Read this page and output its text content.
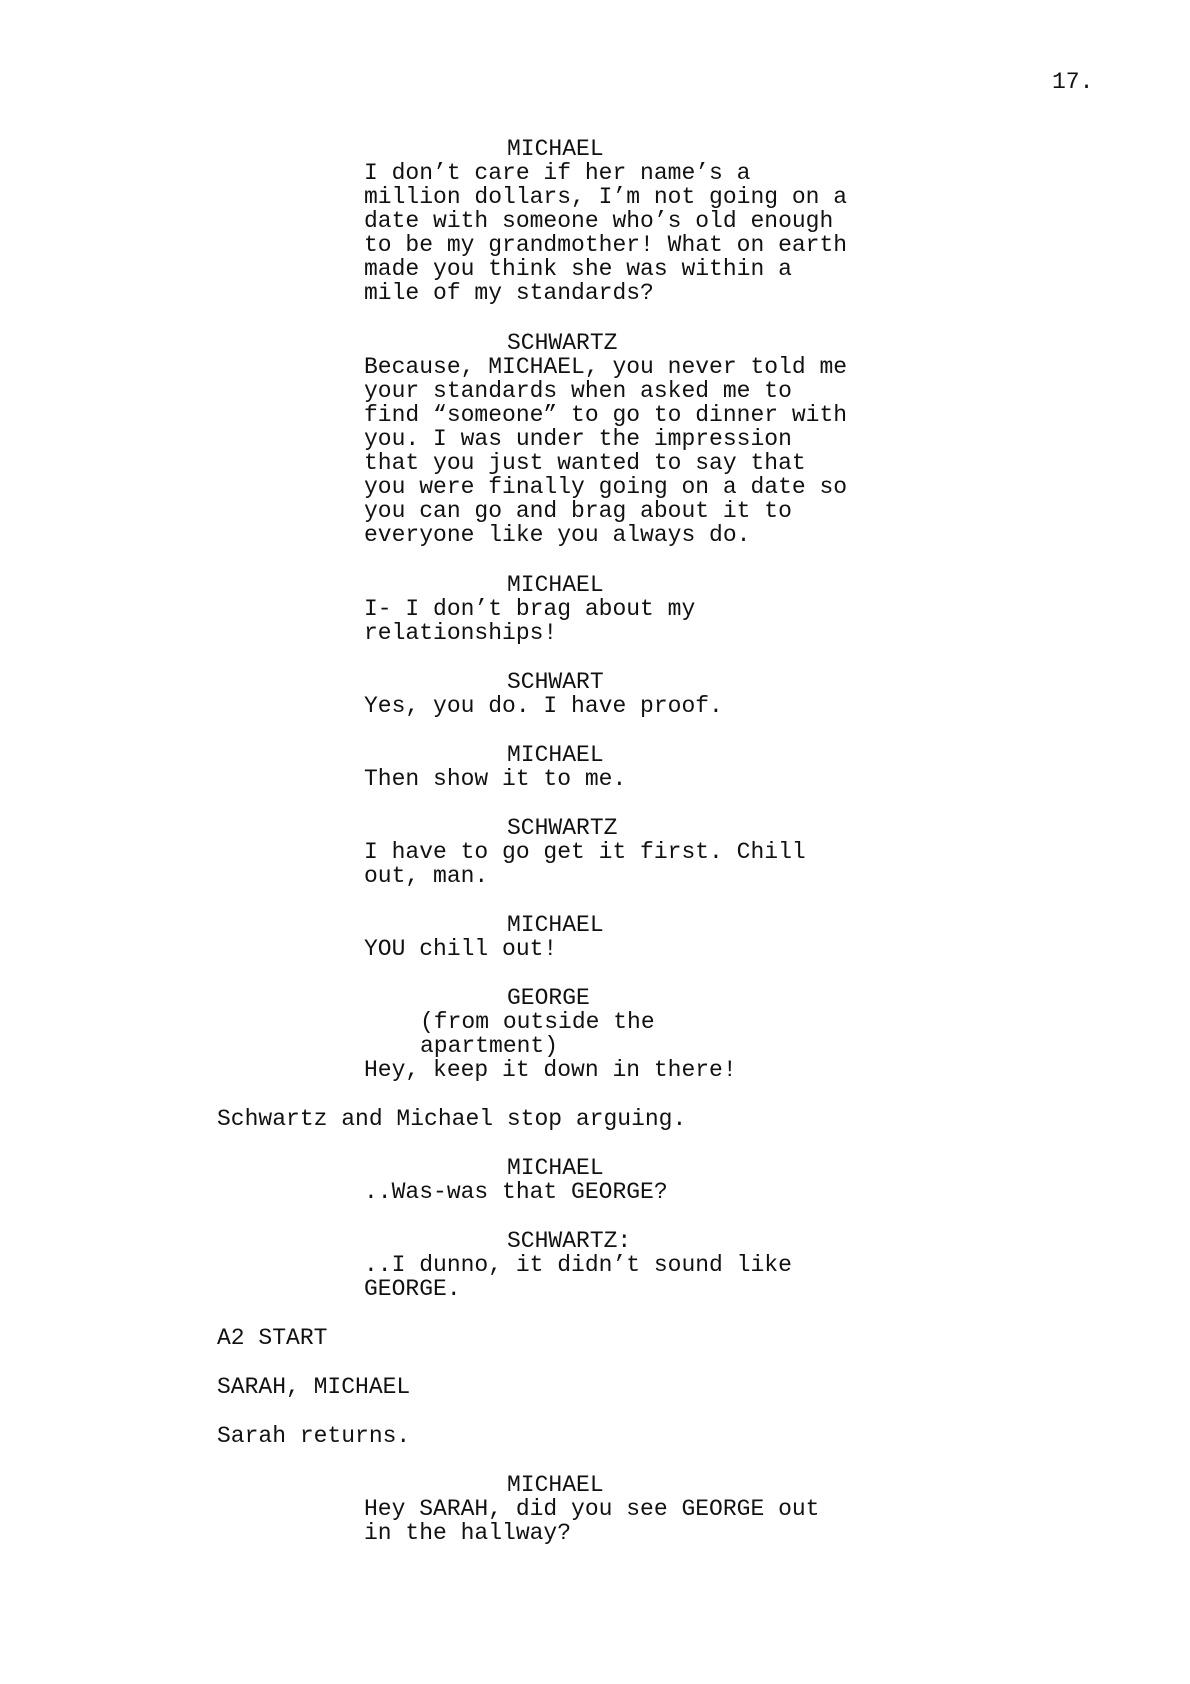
17.
MICHAEL
I don’t care if her name’s a
million dollars, I’m not going on a
date with someone who’s old enough
to be my grandmother! What on earth
made you think she was within a
mile of my standards?
SCHWARTZ
Because, MICHAEL, you never told me
your standards when asked me to
find “someone” to go to dinner with
you. I was under the impression
that you just wanted to say that
you were finally going on a date so
you can go and brag about it to
everyone like you always do.
MICHAEL
I- I don’t brag about my
relationships!
SCHWART
Yes, you do. I have proof.
MICHAEL
Then show it to me.
SCHWARTZ
I have to go get it first. Chill
out, man.
MICHAEL
YOU chill out!
GEORGE
(from outside the
apartment)
Hey, keep it down in there!
Schwartz and Michael stop arguing.
MICHAEL
..Was-was that GEORGE?
SCHWARTZ:
..I dunno, it didn’t sound like
GEORGE.
A2 START
SARAH, MICHAEL
Sarah returns.
MICHAEL
Hey SARAH, did you see GEORGE out
in the hallway?
